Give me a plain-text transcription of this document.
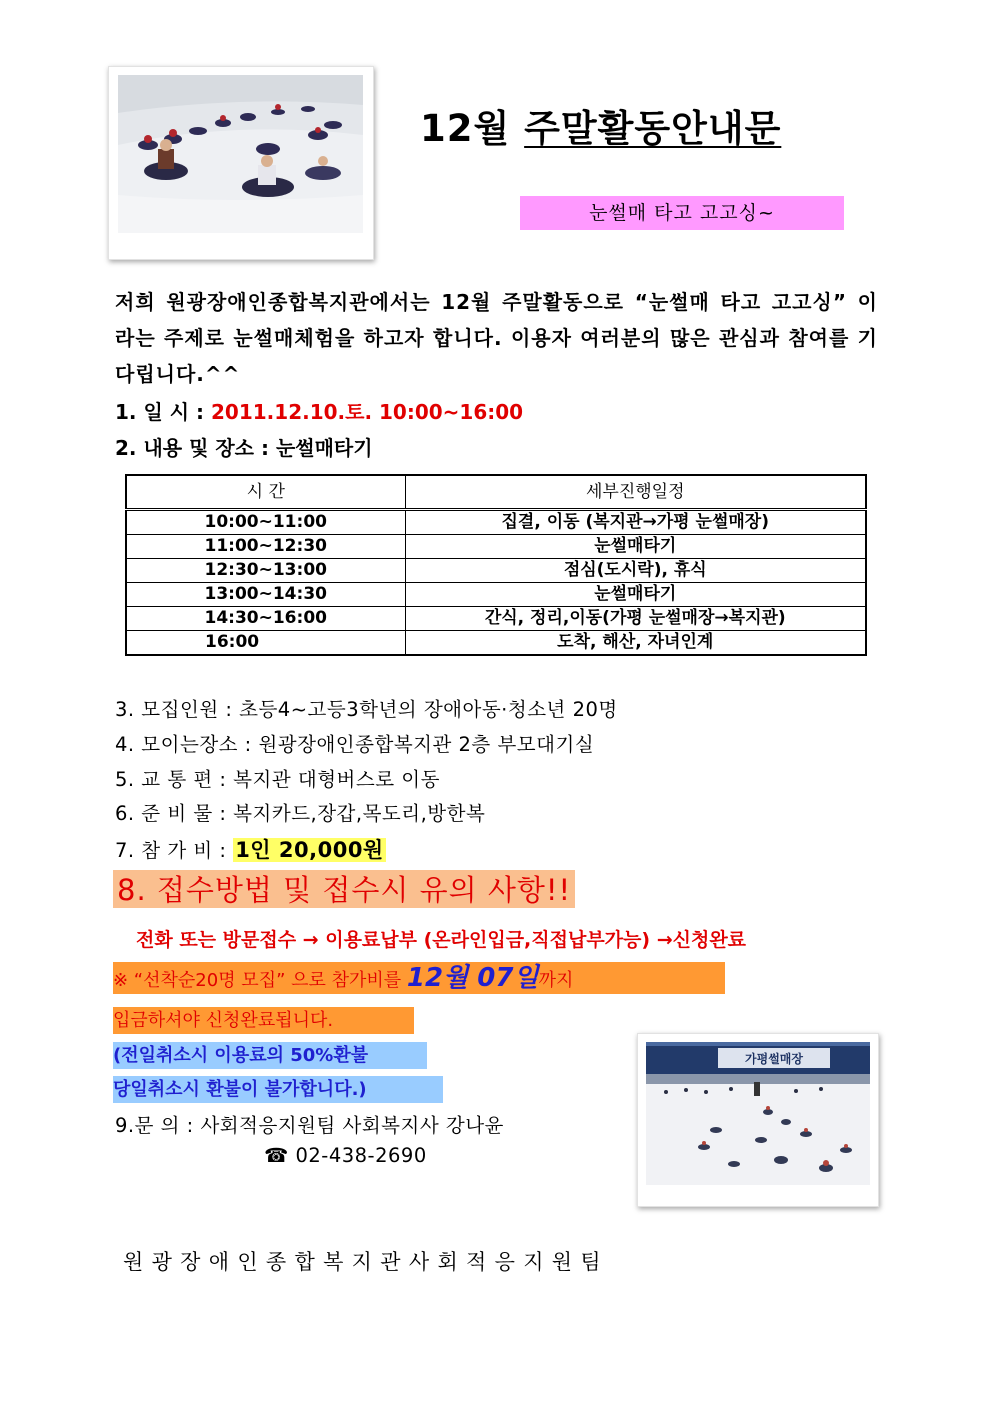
12월 주말활동안내문
눈썰매 타고 고고싱~
저희 원광장애인종합복지관에서는 12월 주말활동으로 “눈썰매 타고 고고싱” 이라는 주제로 눈썰매체험을 하고자 합니다. 이용자 여러분의 많은 관심과 참여를 기다립니다.^^
1. 일 시 : 2011.12.10.토. 10:00~16:00
2. 내용 및 장소 : 눈썰매타기
시 간	세부진행일정
10:00~11:00	집결, 이동 (복지관→가평 눈썰매장)
11:00~12:30	눈썰매타기
12:30~13:00	점심(도시락), 휴식
13:00~14:30	눈썰매타기
14:30~16:00	간식, 정리,이동(가평 눈썰매장→복지관)
16:00	도착, 해산, 자녀인계
3. 모집인원 : 초등4~고등3학년의 장애아동·청소년 20명
4. 모이는장소 : 원광장애인종합복지관 2층 부모대기실
5. 교 통 편 : 복지관 대형버스로 이동
6. 준 비 물 : 복지카드,장갑,목도리,방한복
7. 참 가 비 : 1인 20,000원
8. 접수방법 및 접수시 유의 사항!!
전화 또는 방문접수 → 이용료납부 (온라인입금,직접납부가능) →신청완료
※ “선착순20명 모집” 으로 참가비를 12월 07일까지
입금하셔야 신청완료됩니다.
(전일취소시 이용료의 50%환불
당일취소시 환불이 불가합니다.)
9.문 의 : 사회적응지원팀 사회복지사 강나윤
☎ 02-438-2690
가평썰매장
원광장애인종합복지관사회적응지원팀
